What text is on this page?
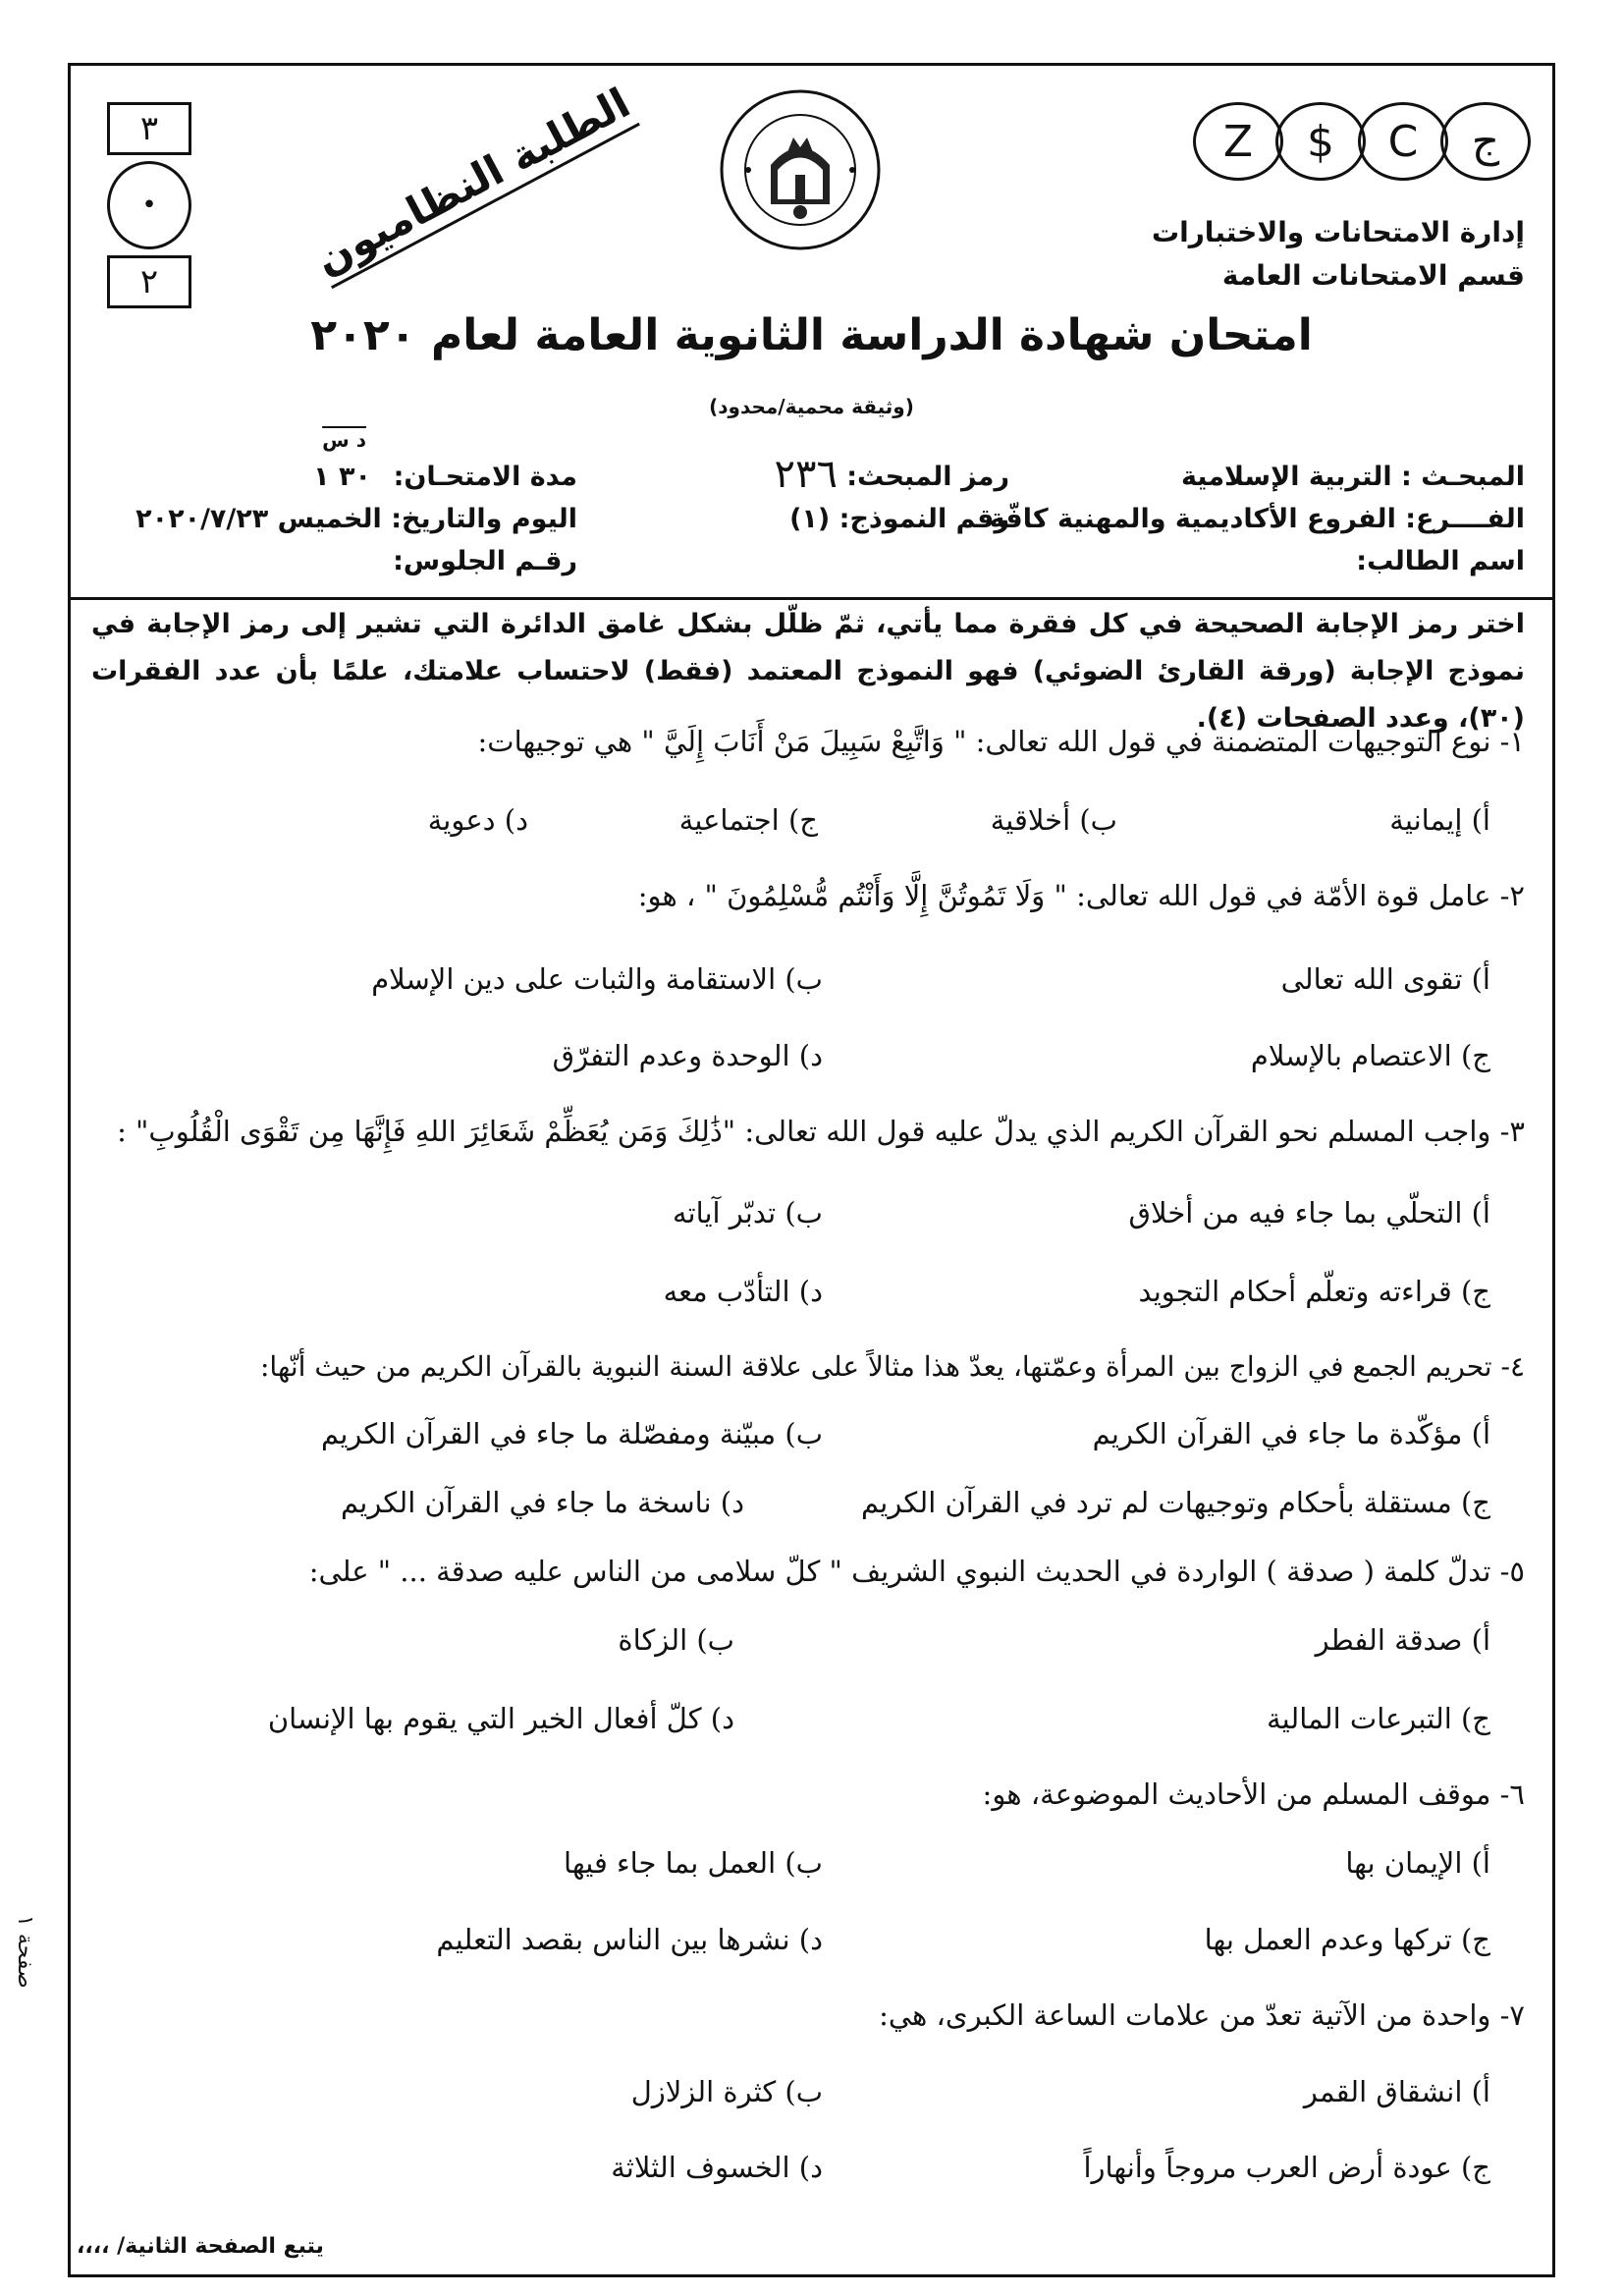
ج
C
$
Z
إدارة الامتحانات والاختبارات
قسم الامتحانات العامة
الطلبة النظاميون
٣
•
٢
امتحان شهادة الدراسة الثانوية العامة لعام ٢٠٢٠
(وثيقة محمية/محدود)
المبحـث : التربية الإسلامية
الفــــرع: الفروع الأكاديمية والمهنية كافّة
اسم الطالب:
رمز المبحث:
٢٣٦
رقم النموذج: (١)
مدة الامتحـان:
٣٠ ١
د س
اليوم والتاريخ: الخميس ٢٠٢٠/٧/٢٣
رقـم الجلوس:
اختر رمز الإجابة الصحيحة في كل فقرة مما يأتي، ثمّ ظلّل بشكل غامق الدائرة التي تشير إلى رمز الإجابة في نموذج الإجابة (ورقة القارئ الضوئي) فهو النموذج المعتمد (فقط) لاحتساب علامتك، علمًا بأن عدد الفقرات (٣٠)، وعدد الصفحات (٤).
١- نوع التوجيهات المتضمنة في قول الله تعالى: " وَاتَّبِعْ سَبِيلَ مَنْ أَنَابَ إِلَيَّ " هي توجيهات:
أ) إيمانية
ب) أخلاقية
ج) اجتماعية
د) دعوية
٢- عامل قوة الأمّة في قول الله تعالى: " وَلَا تَمُوتُنَّ إِلَّا وَأَنْتُم مُّسْلِمُونَ " ، هو:
أ) تقوى الله تعالى
ب) الاستقامة والثبات على دين الإسلام
ج) الاعتصام بالإسلام
د) الوحدة وعدم التفرّق
٣- واجب المسلم نحو القرآن الكريم الذي يدلّ عليه قول الله تعالى: "ذَٰلِكَ وَمَن يُعَظِّمْ شَعَائِرَ اللهِ فَإِنَّهَا مِن تَقْوَى الْقُلُوبِ" :
أ) التحلّي بما جاء فيه من أخلاق
ب) تدبّر آياته
ج) قراءته وتعلّم أحكام التجويد
د) التأدّب معه
٤- تحريم الجمع في الزواج بين المرأة وعمّتها، يعدّ هذا مثالاً على علاقة السنة النبوية بالقرآن الكريم من حيث أنّها:
أ) مؤكّدة ما جاء في القرآن الكريم
ب) مبيّنة ومفصّلة ما جاء في القرآن الكريم
ج) مستقلة بأحكام وتوجيهات لم ترد في القرآن الكريم
د) ناسخة ما جاء في القرآن الكريم
٥- تدلّ كلمة ( صدقة ) الواردة في الحديث النبوي الشريف " كلّ سلامى من الناس عليه صدقة ... " على:
أ) صدقة الفطر
ب) الزكاة
ج) التبرعات المالية
د) كلّ أفعال الخير التي يقوم بها الإنسان
٦- موقف المسلم من الأحاديث الموضوعة، هو:
أ) الإيمان بها
ب) العمل بما جاء فيها
ج) تركها وعدم العمل بها
د) نشرها بين الناس بقصد التعليم
٧- واحدة من الآتية تعدّ من علامات الساعة الكبرى، هي:
أ) انشقاق القمر
ب) كثرة الزلازل
ج) عودة أرض العرب مروجاً وأنهاراً
د) الخسوف الثلاثة
صفحة ١
يتبع الصفحة الثانية/ ،،،،
